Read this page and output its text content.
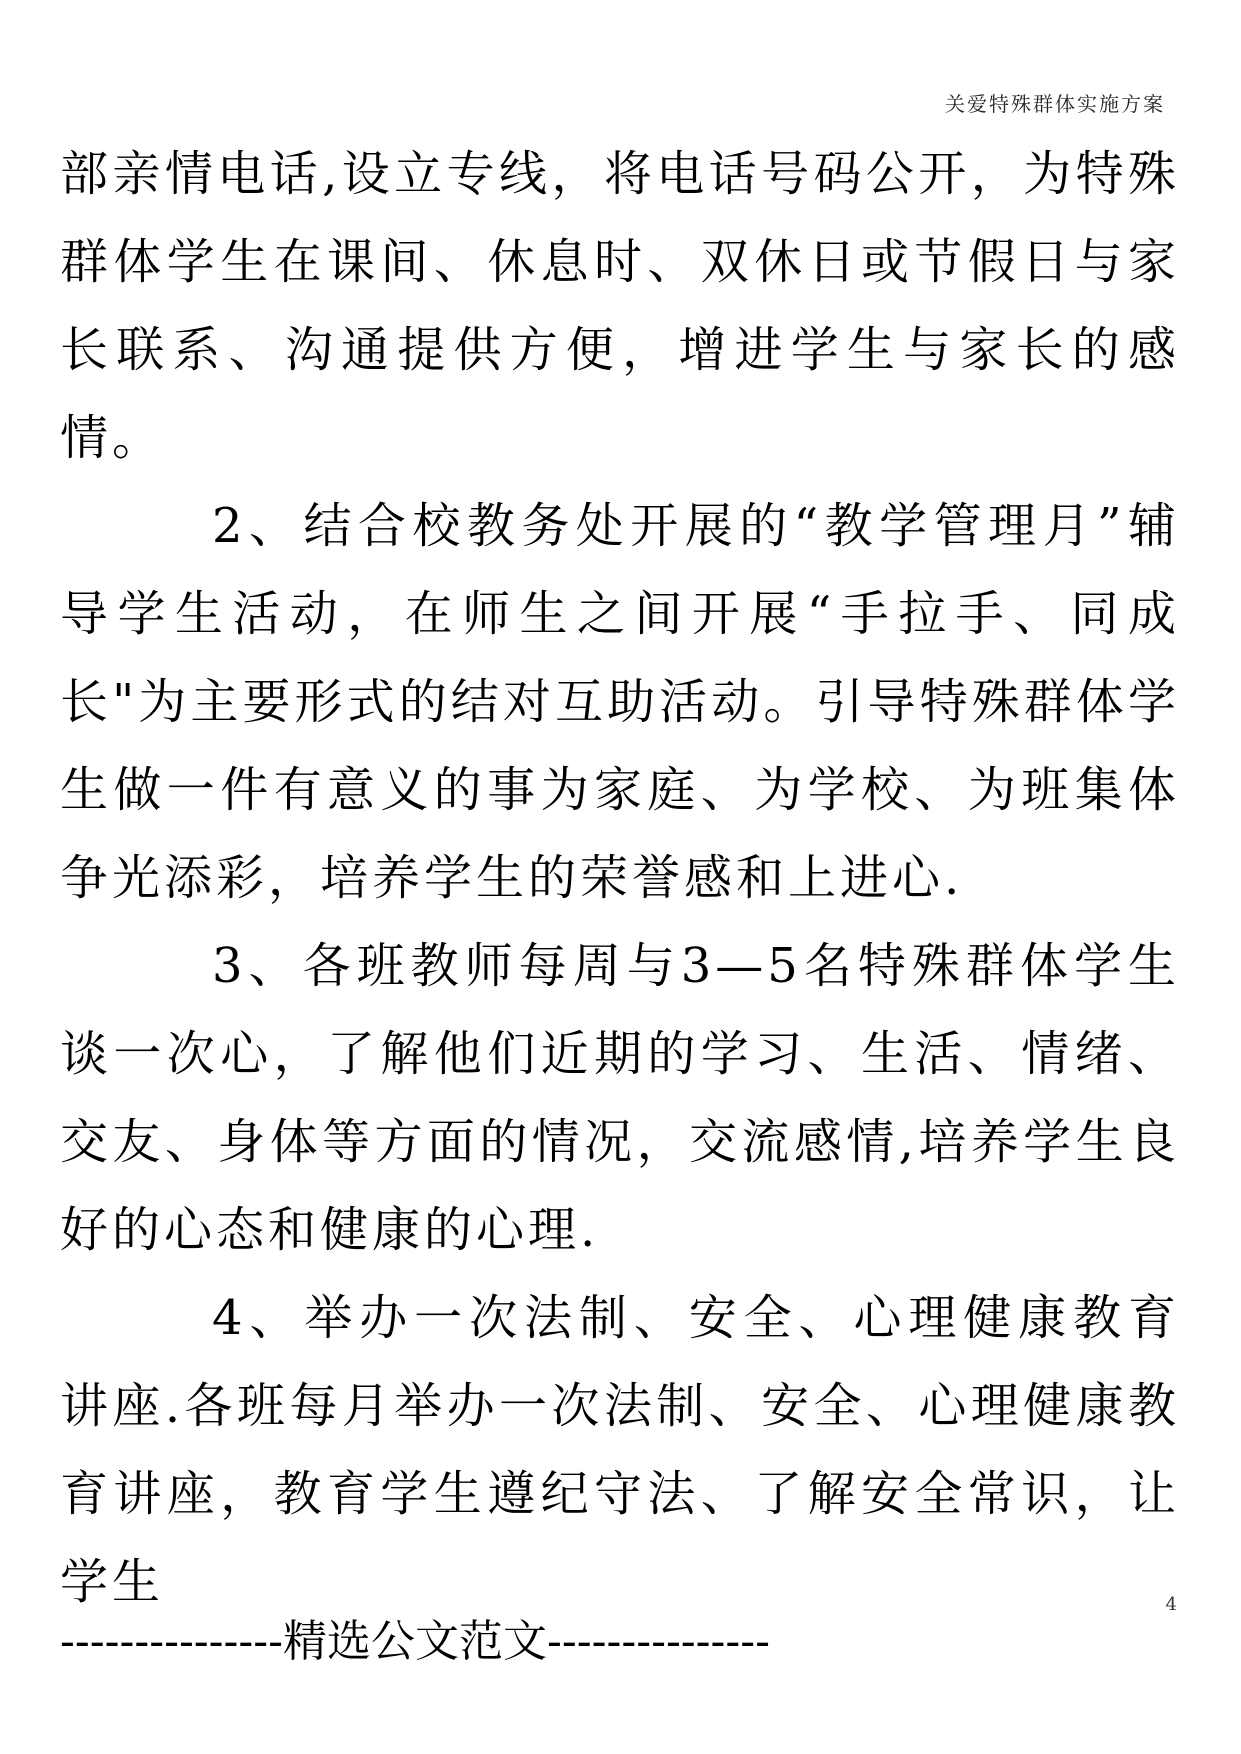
关爱特殊群体实施方案

部亲情电话,设立专线，将电话号码公开，为特殊群体学生在课间、休息时、双休日或节假日与家长联系、沟通提供方便，增进学生与家长的感情。

2、结合校教务处开展的“教学管理月”辅导学生活动，在师生之间开展“手拉手、同成长"为主要形式的结对互助活动。引导特殊群体学生做一件有意义的事为家庭、为学校、为班集体争光添彩，培养学生的荣誉感和上进心.

3、各班教师每周与3—5名特殊群体学生谈一次心，了解他们近期的学习、生活、情绪、交友、身体等方面的情况，交流感情,培养学生良好的心态和健康的心理.

4、举办一次法制、安全、心理健康教育讲座.各班每月举办一次法制、安全、心理健康教育讲座，教育学生遵纪守法、了解安全常识，让学生	4
---------------精选公文范文---------------
